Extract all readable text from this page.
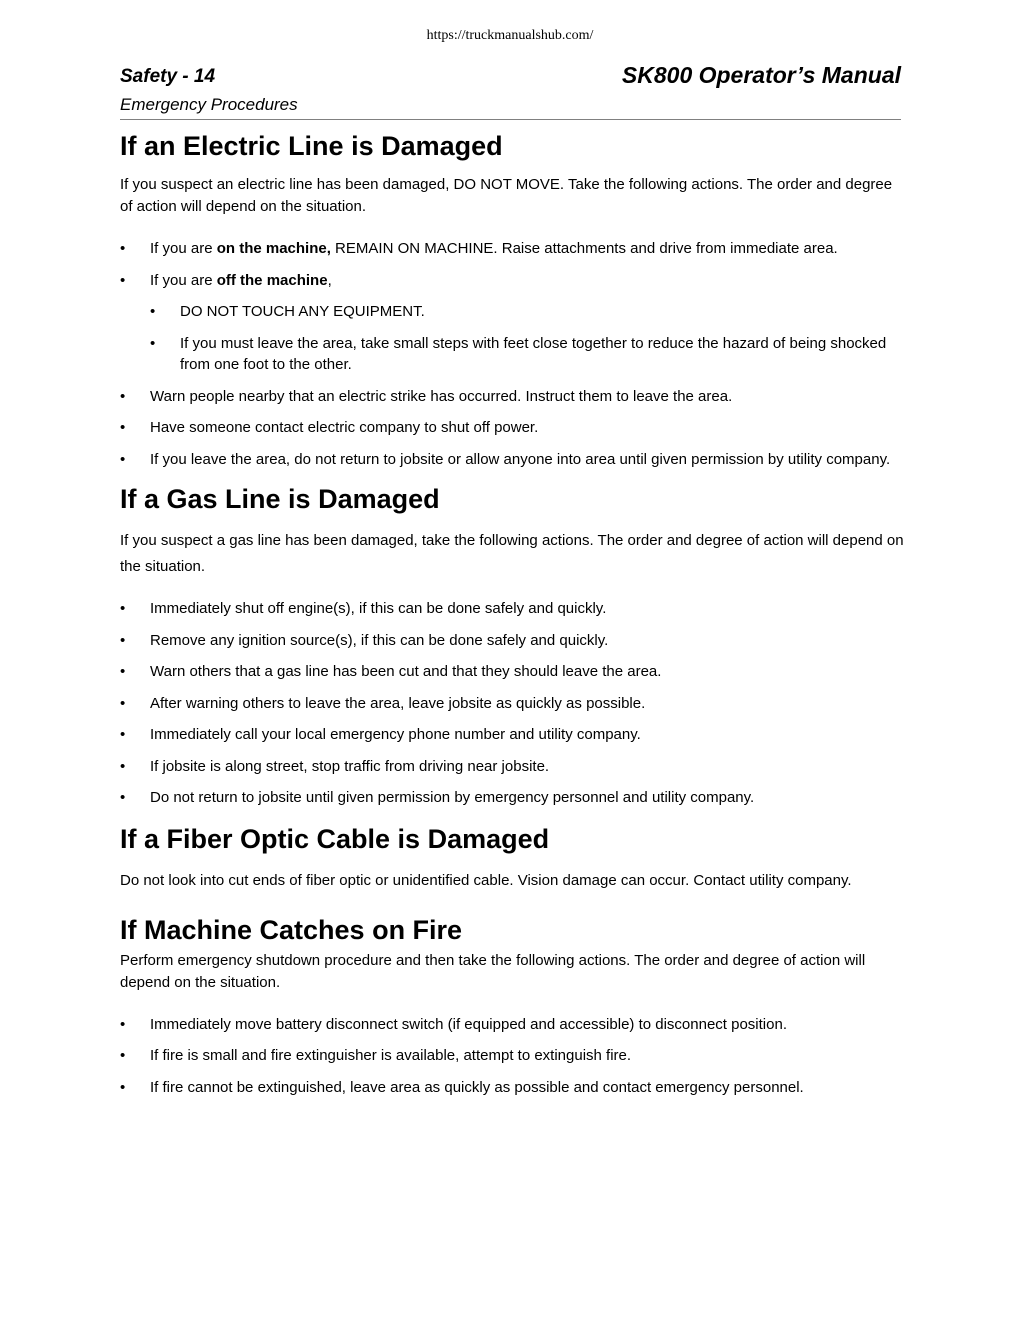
https://truckmanualshub.com/
Safety - 14	SK800 Operator’s Manual
Emergency Procedures
If an Electric Line is Damaged

If you suspect an electric line has been damaged, DO NOT MOVE. Take the following actions. The order and degree of action will depend on the situation.

• If you are on the machine, REMAIN ON MACHINE. Raise attachments and drive from immediate area.
• If you are off the machine,
• DO NOT TOUCH ANY EQUIPMENT.
• If you must leave the area, take small steps with feet close together to reduce the hazard of being shocked from one foot to the other.
• Warn people nearby that an electric strike has occurred. Instruct them to leave the area.
• Have someone contact electric company to shut off power.
• If you leave the area, do not return to jobsite or allow anyone into area until given permission by utility company.
If a Gas Line is Damaged

If you suspect a gas line has been damaged, take the following actions. The order and degree of action will depend on the situation.

• Immediately shut off engine(s), if this can be done safely and quickly.
• Remove any ignition source(s), if this can be done safely and quickly.
• Warn others that a gas line has been cut and that they should leave the area.
• After warning others to leave the area, leave jobsite as quickly as possible.
• Immediately call your local emergency phone number and utility company.
• If jobsite is along street, stop traffic from driving near jobsite.
• Do not return to jobsite until given permission by emergency personnel and utility company.
If a Fiber Optic Cable is Damaged

Do not look into cut ends of fiber optic or unidentified cable. Vision damage can occur. Contact utility company.

If Machine Catches on Fire

Perform emergency shutdown procedure and then take the following actions. The order and degree of action will depend on the situation.

• Immediately move battery disconnect switch (if equipped and accessible) to disconnect position.
• If fire is small and fire extinguisher is available, attempt to extinguish fire.
• If fire cannot be extinguished, leave area as quickly as possible and contact emergency personnel.
